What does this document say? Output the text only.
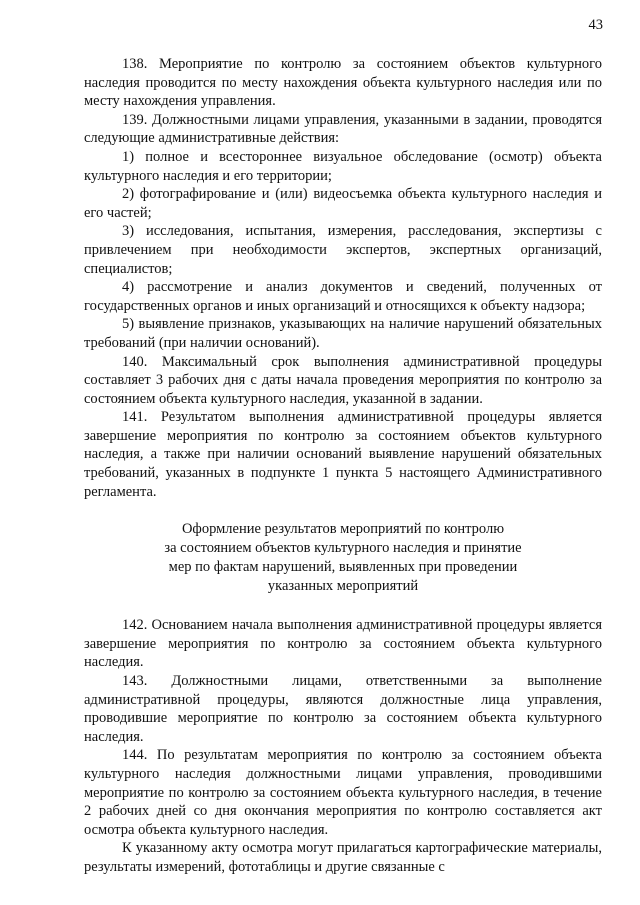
43

138. Мероприятие по контролю за состоянием объектов культурного наследия проводится по месту нахождения объекта культурного наследия или по месту нахождения управления.

139. Должностными лицами управления, указанными в задании, проводятся следующие административные действия:

1) полное и всестороннее визуальное обследование (осмотр) объекта культурного наследия и его территории;

2) фотографирование и (или) видеосъемка объекта культурного наследия и его частей;

3) исследования, испытания, измерения, расследования, экспертизы с привлечением при необходимости экспертов, экспертных организаций, специалистов;

4) рассмотрение и анализ документов и сведений, полученных от государственных органов и иных организаций и относящихся к объекту надзора;

5) выявление признаков, указывающих на наличие нарушений обязательных требований (при наличии оснований).

140. Максимальный срок выполнения административной процедуры составляет 3 рабочих дня с даты начала проведения мероприятия по контролю за состоянием объекта культурного наследия, указанной в задании.

141. Результатом выполнения административной процедуры является завершение мероприятия по контролю за состоянием объектов культурного наследия, а также при наличии оснований выявление нарушений обязательных требований, указанных в подпункте 1 пункта 5 настоящего Административного регламента.

Оформление результатов мероприятий по контролю
за состоянием объектов культурного наследия и принятие
мер по фактам нарушений, выявленных при проведении
указанных мероприятий

142. Основанием начала выполнения административной процедуры является завершение мероприятия по контролю за состоянием объекта культурного наследия.

143. Должностными лицами, ответственными за выполнение административной процедуры, являются должностные лица управления, проводившие мероприятие по контролю за состоянием объекта культурного наследия.

144. По результатам мероприятия по контролю за состоянием объекта культурного наследия должностными лицами управления, проводившими мероприятие по контролю за состоянием объекта культурного наследия, в течение 2 рабочих дней со дня окончания мероприятия по контролю составляется акт осмотра объекта культурного наследия.

К указанному акту осмотра могут прилагаться картографические материалы, результаты измерений, фототаблицы и другие связанные с
